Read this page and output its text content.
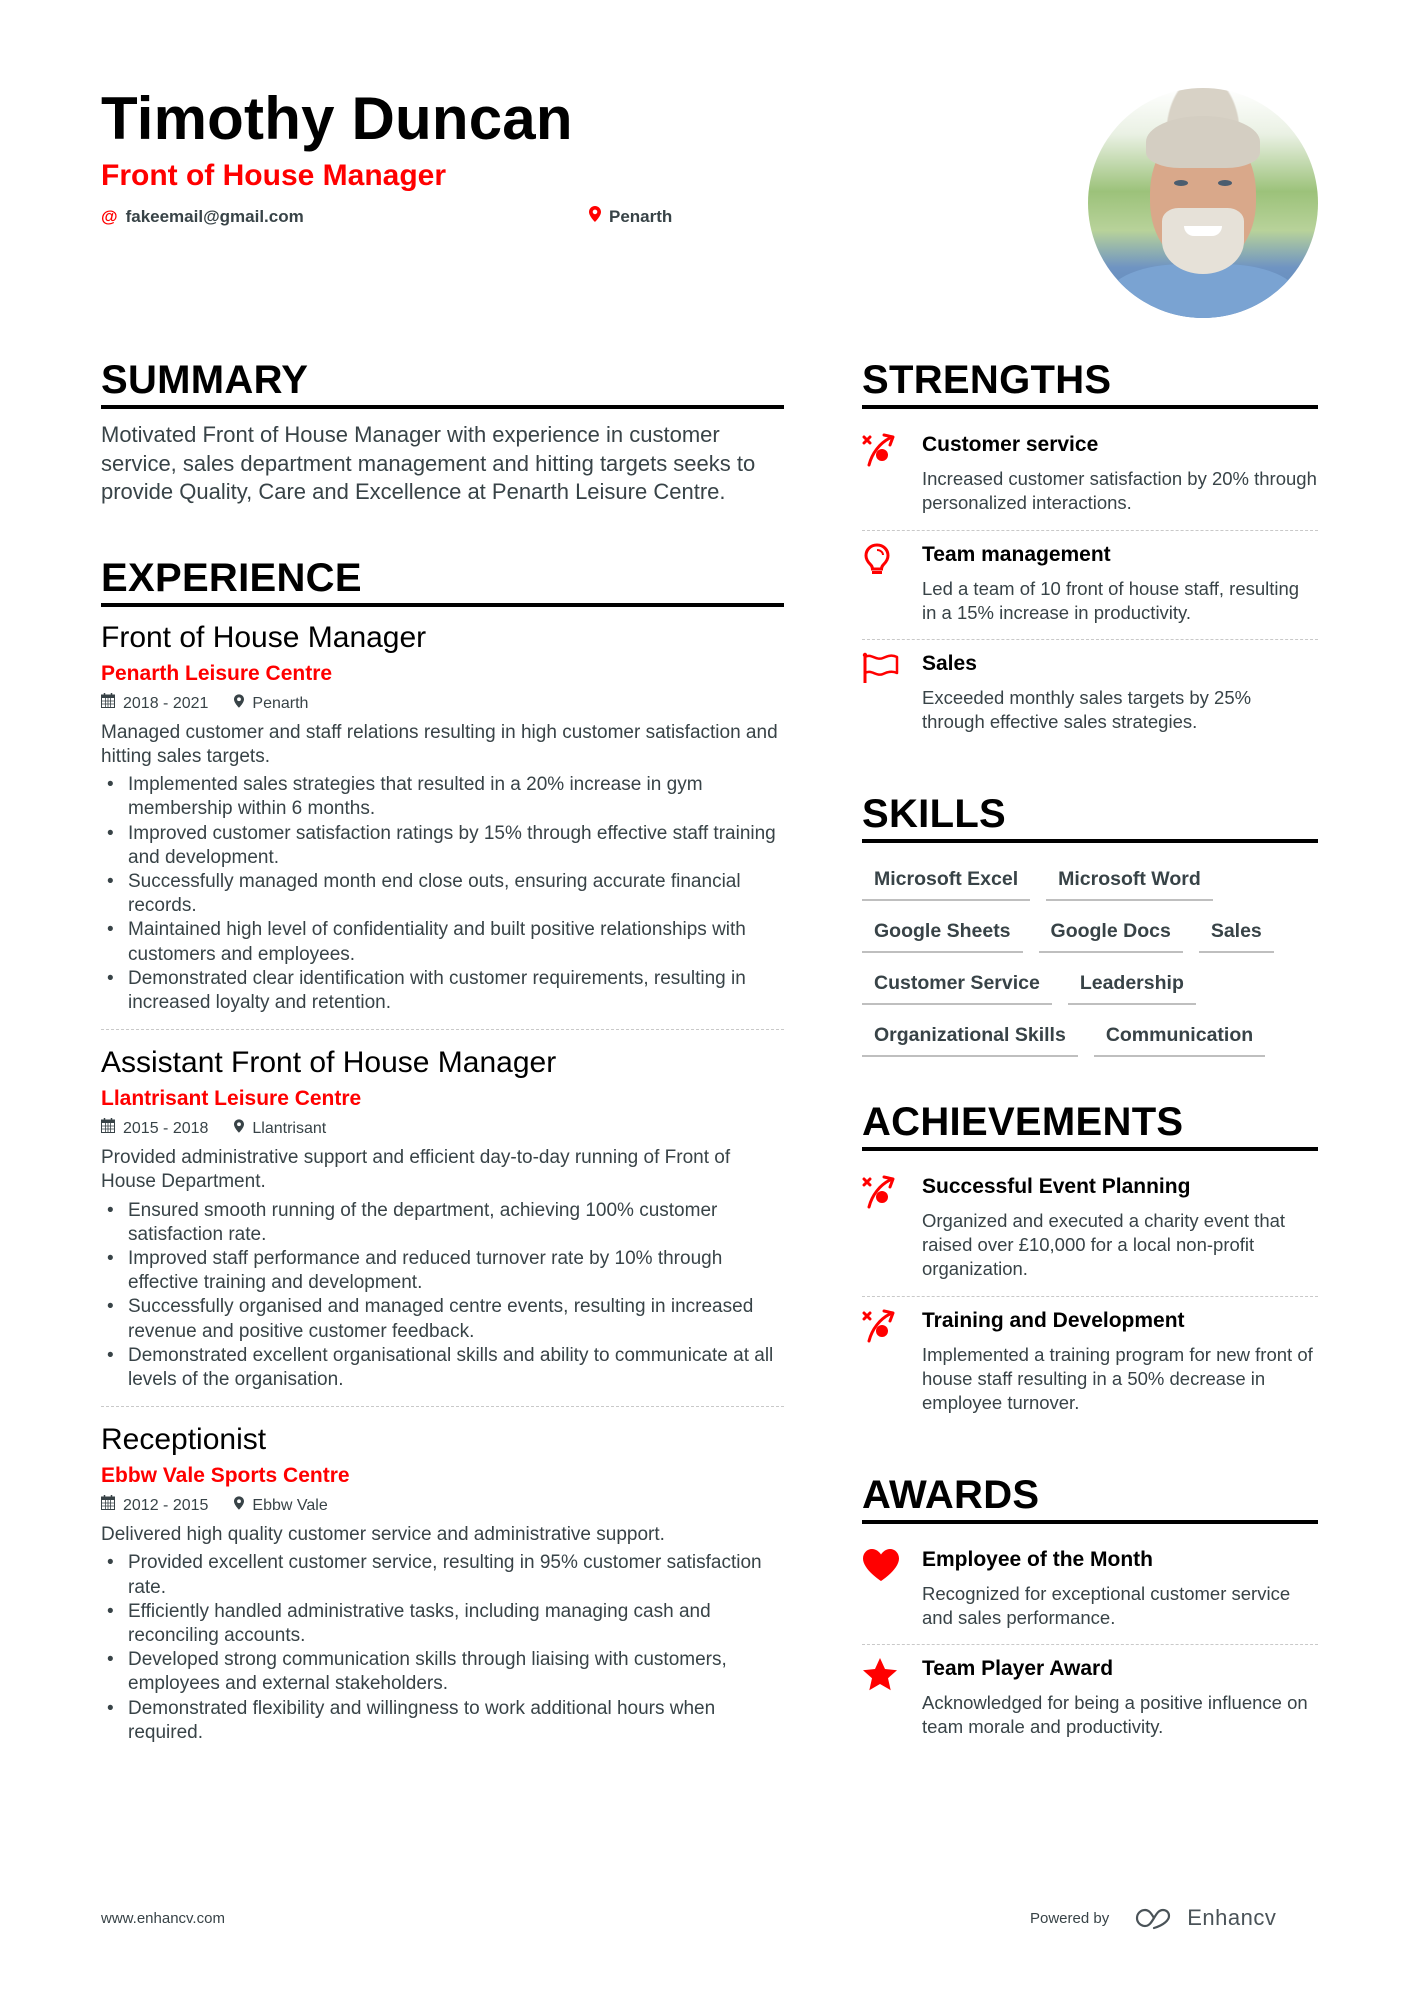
Timothy Duncan
Front of House Manager
@ fakeemail@gmail.com	Penarth
SUMMARY

Motivated Front of House Manager with experience in customer service, sales department management and hitting targets seeks to provide Quality, Care and Excellence at Penarth Leisure Centre.

EXPERIENCE
Front of House Manager
Penarth Leisure Centre
2018 - 2021	Penarth

Managed customer and staff relations resulting in high customer satisfaction and hitting sales targets.

• Implemented sales strategies that resulted in a 20% increase in gym membership within 6 months.
• Improved customer satisfaction ratings by 15% through effective staff training and development.
• Successfully managed month end close outs, ensuring accurate financial records.
• Maintained high level of confidentiality and built positive relationships with customers and employees.
• Demonstrated clear identification with customer requirements, resulting in increased loyalty and retention.
Assistant Front of House Manager
Llantrisant Leisure Centre
2015 - 2018	Llantrisant

Provided administrative support and efficient day-to-day running of Front of House Department.

• Ensured smooth running of the department, achieving 100% customer satisfaction rate.
• Improved staff performance and reduced turnover rate by 10% through effective training and development.
• Successfully organised and managed centre events, resulting in increased revenue and positive customer feedback.
• Demonstrated excellent organisational skills and ability to communicate at all levels of the organisation.
Receptionist
Ebbw Vale Sports Centre
2012 - 2015	Ebbw Vale

Delivered high quality customer service and administrative support.

• Provided excellent customer service, resulting in 95% customer satisfaction rate.
• Efficiently handled administrative tasks, including managing cash and reconciling accounts.
• Developed strong communication skills through liaising with customers, employees and external stakeholders.
• Demonstrated flexibility and willingness to work additional hours when required.
STRENGTHS
Customer service
Increased customer satisfaction by 20% through personalized interactions.
Team management
Led a team of 10 front of house staff, resulting in a 15% increase in productivity.
Sales
Exceeded monthly sales targets by 25% through effective sales strategies.
SKILLS
Microsoft Excel	Microsoft Word
Google Sheets	Google Docs	Sales
Customer Service	Leadership
Organizational Skills	Communication
ACHIEVEMENTS
Successful Event Planning
Organized and executed a charity event that raised over £10,000 for a local non-profit organization.
Training and Development
Implemented a training program for new front of house staff resulting in a 50% decrease in employee turnover.
AWARDS
Employee of the Month
Recognized for exceptional customer service and sales performance.
Team Player Award
Acknowledged for being a positive influence on team morale and productivity.
www.enhancv.com	Powered by	Enhancv
